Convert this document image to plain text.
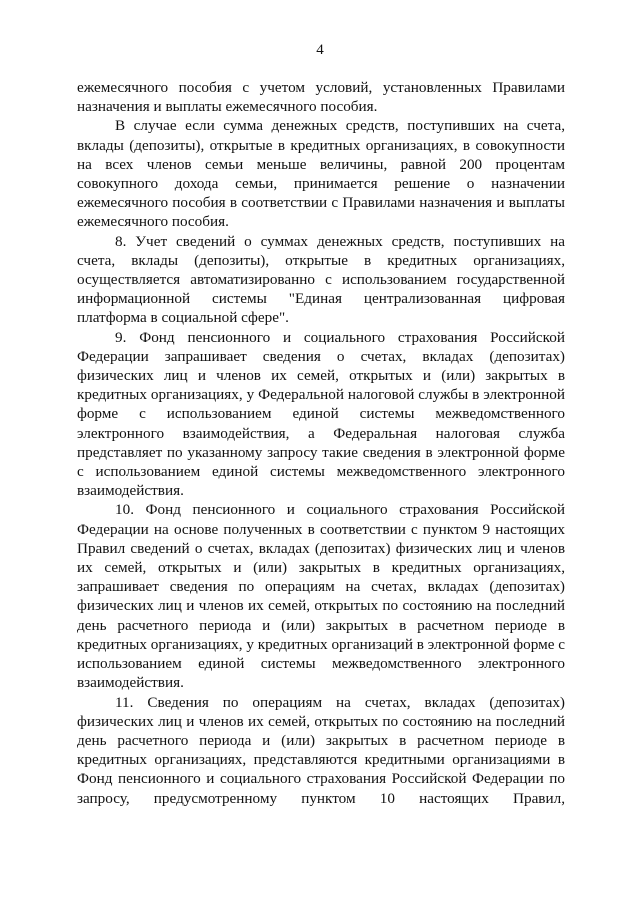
4

ежемесячного пособия с учетом условий, установленных Правилами назначения и выплаты ежемесячного пособия.

В случае если сумма денежных средств, поступивших на счета, вклады (депозиты), открытые в кредитных организациях, в совокупности на всех членов семьи меньше величины, равной 200 процентам совокупного дохода семьи, принимается решение о назначении ежемесячного пособия в соответствии с Правилами назначения и выплаты ежемесячного пособия.

8. Учет сведений о суммах денежных средств, поступивших на счета, вклады (депозиты), открытые в кредитных организациях, осуществляется автоматизированно с использованием государственной информационной системы "Единая централизованная цифровая платформа в социальной сфере".

9. Фонд пенсионного и социального страхования Российской Федерации запрашивает сведения о счетах, вкладах (депозитах) физических лиц и членов их семей, открытых и (или) закрытых в кредитных организациях, у Федеральной налоговой службы в электронной форме с использованием единой системы межведомственного электронного взаимодействия, а Федеральная налоговая служба представляет по указанному запросу такие сведения в электронной форме с использованием единой системы межведомственного электронного взаимодействия.

10. Фонд пенсионного и социального страхования Российской Федерации на основе полученных в соответствии с пунктом 9 настоящих Правил сведений о счетах, вкладах (депозитах) физических лиц и членов их семей, открытых и (или) закрытых в кредитных организациях, запрашивает сведения по операциям на счетах, вкладах (депозитах) физических лиц и членов их семей, открытых по состоянию на последний день расчетного периода и (или) закрытых в расчетном периоде в кредитных организациях, у кредитных организаций в электронной форме с использованием единой системы межведомственного электронного взаимодействия.

11. Сведения по операциям на счетах, вкладах (депозитах) физических лиц и членов их семей, открытых по состоянию на последний день расчетного периода и (или) закрытых в расчетном периоде в кредитных организациях, представляются кредитными организациями в Фонд пенсионного и социального страхования Российской Федерации по запросу, предусмотренному пунктом 10 настоящих Правил,
